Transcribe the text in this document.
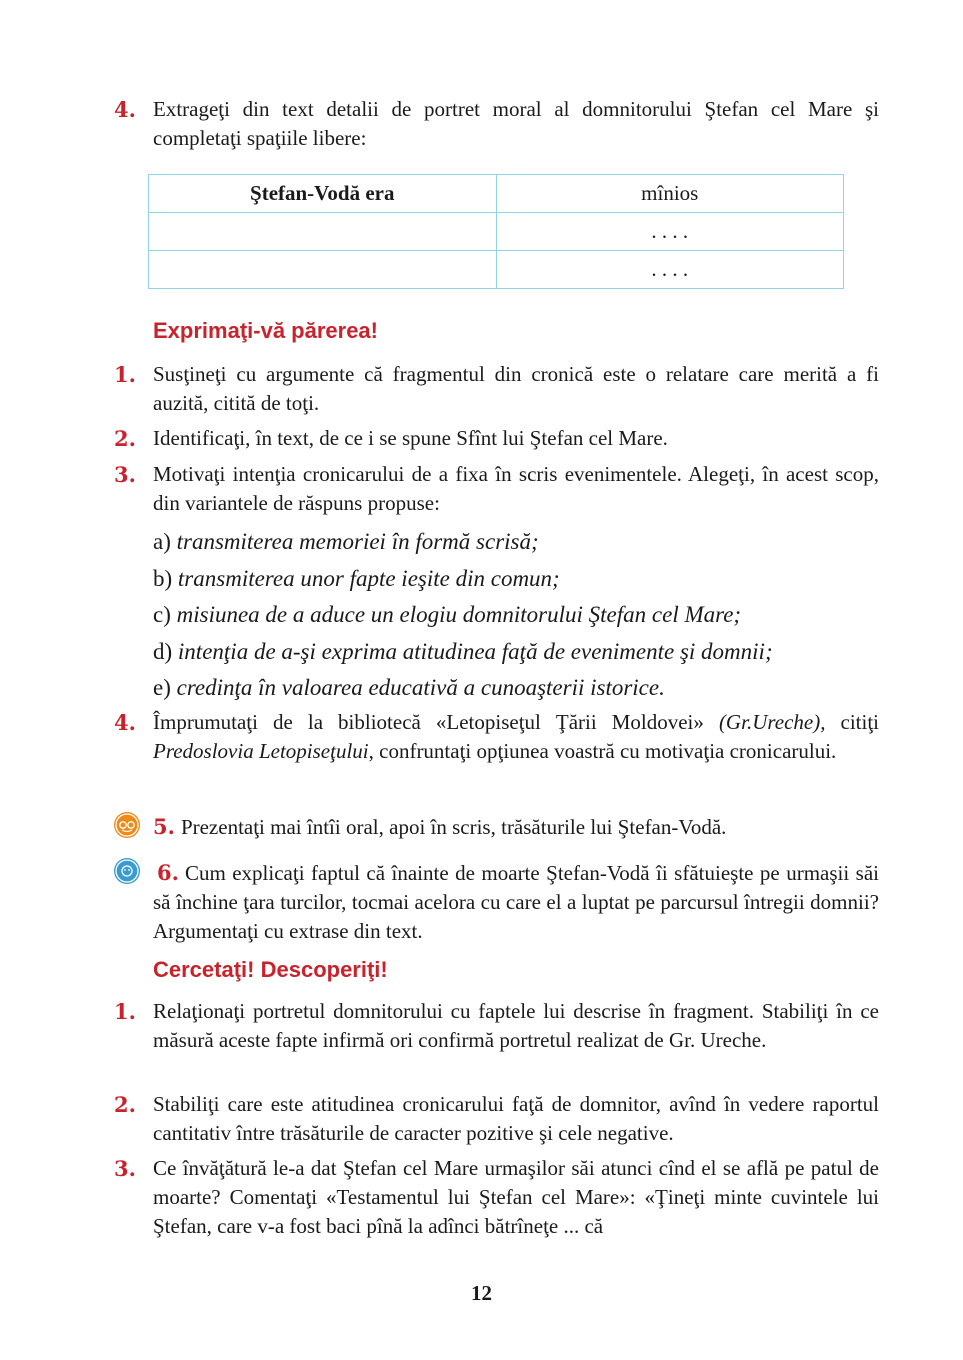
4. Extrageţi din text detalii de portret moral al domnitorului Ştefan cel Mare şi completaţi spaţiile libere:
Ştefan-Vodă era	mînios
	. . . .
	. . . .
Exprimaţi-vă părerea!
1. Susţineţi cu argumente că fragmentul din cronică este o relatare care merită a fi auzită, citită de toţi.
2. Identificaţi, în text, de ce i se spune Sfînt lui Ştefan cel Mare.
3. Motivaţi intenţia cronicarului de a fixa în scris evenimentele. Alegeţi, în acest scop, din variantele de răspuns propuse:
a) transmiterea memoriei în formă scrisă;
b) transmiterea unor fapte ieşite din comun;
c) misiunea de a aduce un elogiu domnitorului Ştefan cel Mare;
d) intenţia de a-şi exprima atitudinea faţă de evenimente şi domnii;
e) credinţa în valoarea educativă a cunoaşterii istorice.
4. Împrumutaţi de la bibliotecă «Letopiseţul Ţării Moldovei» (Gr.Ureche), citiţi Predoslovia Letopiseţului, confruntaţi opţiunea voastră cu motivaţia cronicarului.
5. Prezentaţi mai întîi oral, apoi în scris, trăsăturile lui Ştefan-Vodă.
6. Cum explicaţi faptul că înainte de moarte Ştefan-Vodă îi sfătuieşte pe urmaşii săi să închine ţara turcilor, tocmai acelora cu care el a luptat pe parcursul întregii domnii? Argumentaţi cu extrase din text.
Cercetaţi! Descoperiţi!
1. Relaţionaţi portretul domnitorului cu faptele lui descrise în fragment. Stabiliţi în ce măsură aceste fapte infirmă ori confirmă portretul realizat de Gr. Ureche.
2. Stabiliţi care este atitudinea cronicarului faţă de domnitor, avînd în vedere raportul cantitativ între trăsăturile de caracter pozitive şi cele negative.
3. Ce învăţătură le-a dat Ştefan cel Mare urmaşilor săi atunci cînd el se află pe patul de moarte? Comentaţi «Testamentul lui Ştefan cel Mare»: «Ţineţi minte cuvintele lui Ştefan, care v-a fost baci pînă la adînci bătrîneţe ... că
12
